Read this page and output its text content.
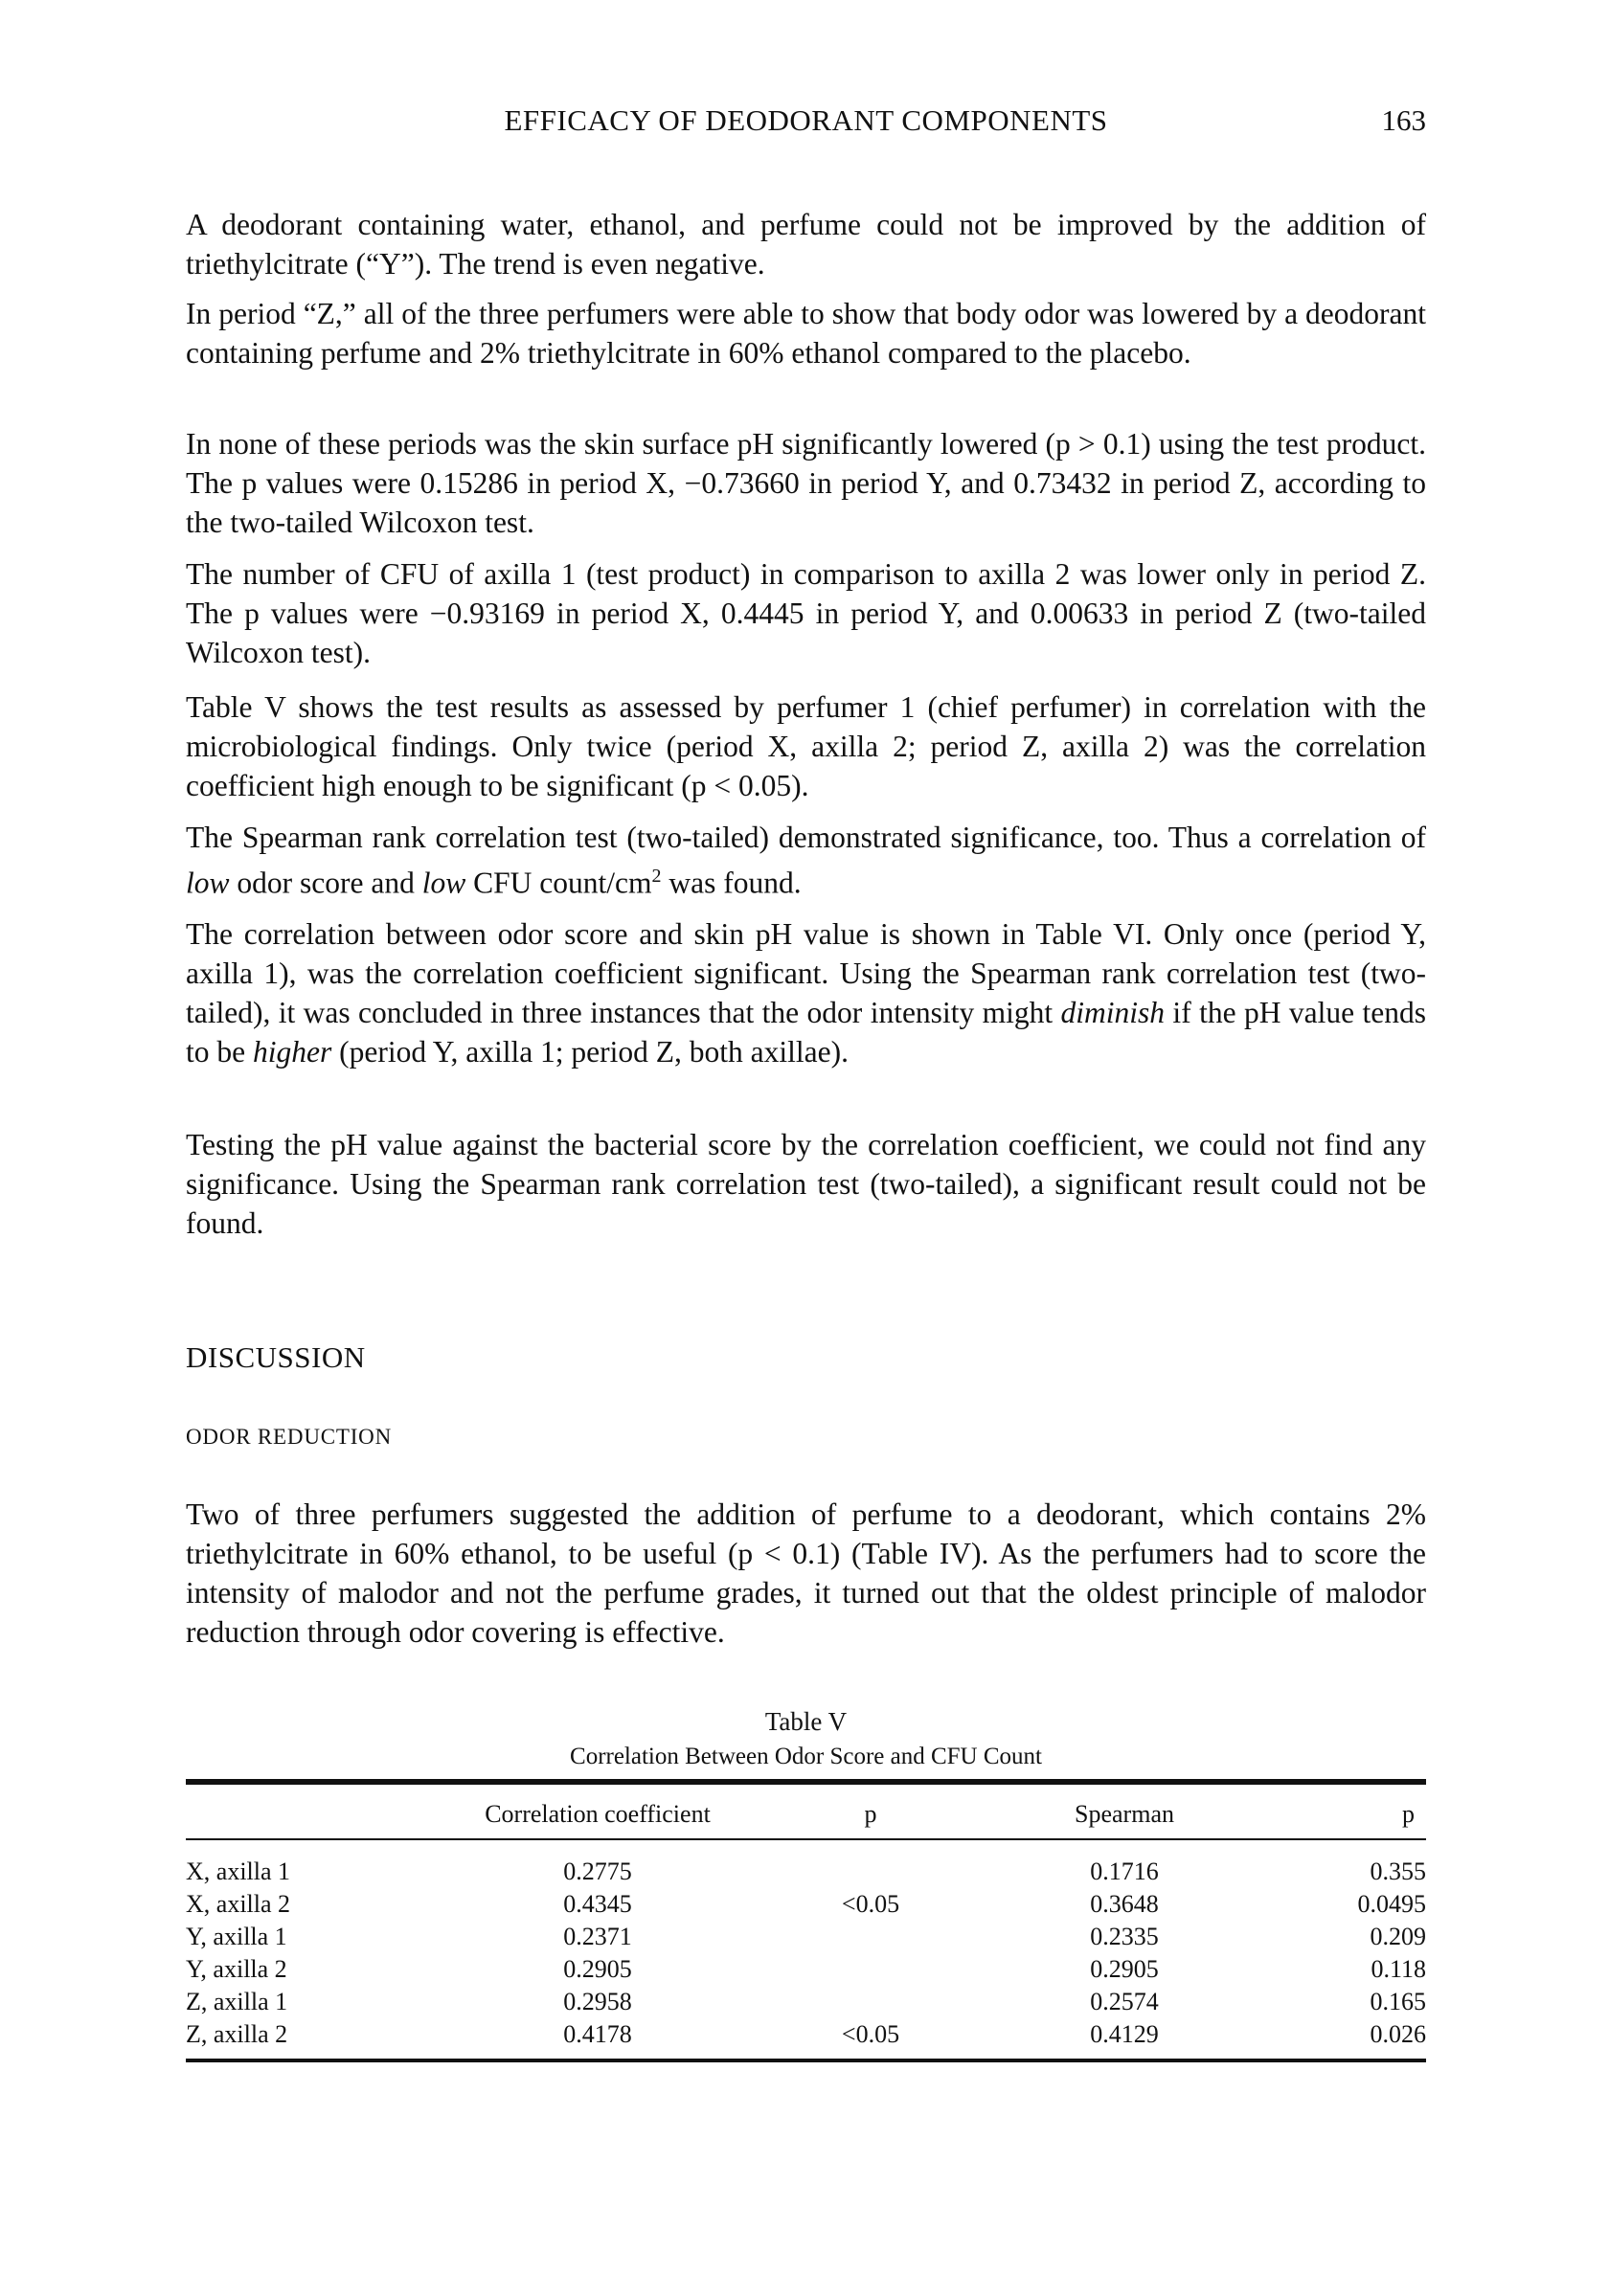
EFFICACY OF DEODORANT COMPONENTS	163

A deodorant containing water, ethanol, and perfume could not be improved by the addition of triethylcitrate (“Y”). The trend is even negative.

In period “Z,” all of the three perfumers were able to show that body odor was lowered by a deodorant containing perfume and 2% triethylcitrate in 60% ethanol compared to the placebo.

In none of these periods was the skin surface pH significantly lowered (p > 0.1) using the test product. The p values were 0.15286 in period X, −0.73660 in period Y, and 0.73432 in period Z, according to the two-tailed Wilcoxon test.

The number of CFU of axilla 1 (test product) in comparison to axilla 2 was lower only in period Z. The p values were −0.93169 in period X, 0.4445 in period Y, and 0.00633 in period Z (two-tailed Wilcoxon test).

Table V shows the test results as assessed by perfumer 1 (chief perfumer) in correlation with the microbiological findings. Only twice (period X, axilla 2; period Z, axilla 2) was the correlation coefficient high enough to be significant (p < 0.05).

The Spearman rank correlation test (two-tailed) demonstrated significance, too. Thus a correlation of low odor score and low CFU count/$cm^2$ was found.

The correlation between odor score and skin pH value is shown in Table VI. Only once (period Y, axilla 1), was the correlation coefficient significant. Using the Spearman rank correlation test (two-tailed), it was concluded in three instances that the odor intensity might diminish if the pH value tends to be higher (period Y, axilla 1; period Z, both axillae).

Testing the pH value against the bacterial score by the correlation coefficient, we could not find any significance. Using the Spearman rank correlation test (two-tailed), a significant result could not be found.

DISCUSSION
ODOR REDUCTION

Two of three perfumers suggested the addition of perfume to a deodorant, which contains 2% triethylcitrate in 60% ethanol, to be useful (p < 0.1) (Table IV). As the perfumers had to score the intensity of malodor and not the perfume grades, it turned out that the oldest principle of malodor reduction through odor covering is effective.

Table V
Correlation Between Odor Score and CFU Count

	Correlation coefficient	p	Spearman	p
X, axilla 1	0.2775		0.1716	0.355
X, axilla 2	0.4345	<0.05	0.3648	0.0495
Y, axilla 1	0.2371		0.2335	0.209
Y, axilla 2	0.2905		0.2905	0.118
Z, axilla 1	0.2958		0.2574	0.165
Z, axilla 2	0.4178	<0.05	0.4129	0.026
